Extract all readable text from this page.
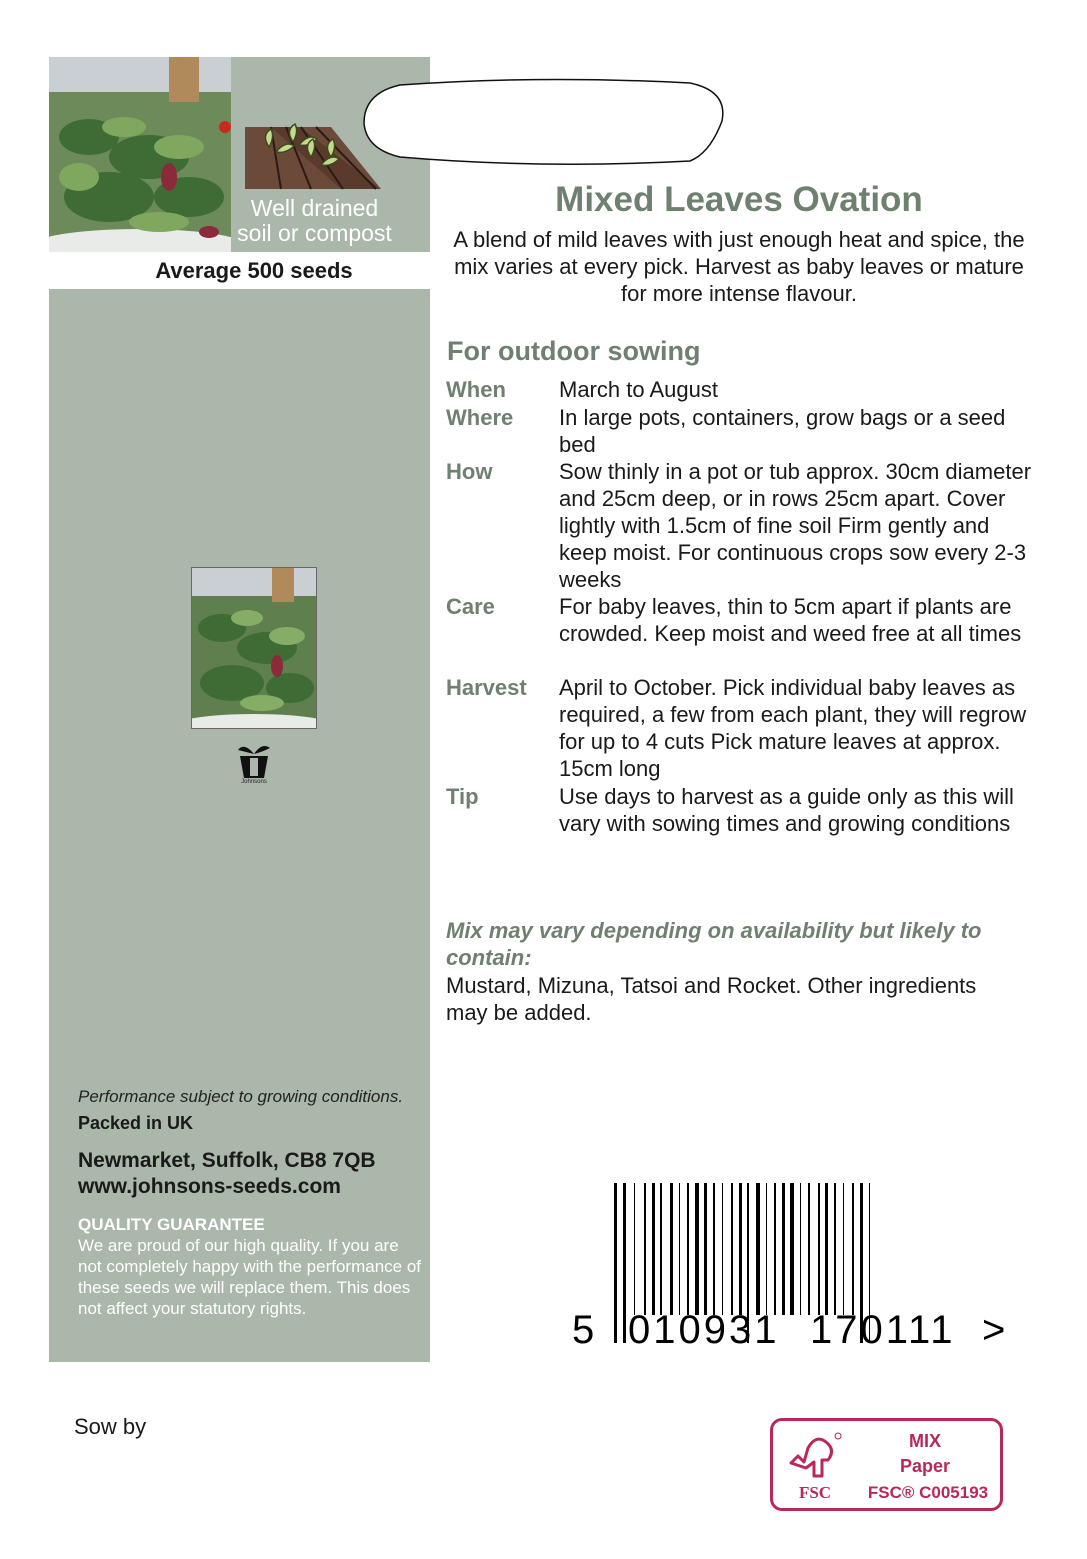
Well drained
soil or compost
Average 500 seeds
Johnsons
Performance subject to growing conditions.
Packed in UK
Newmarket, Suffolk, CB8 7QB
www.johnsons-seeds.com
QUALITY GUARANTEE
We are proud of our high quality. If you are not completely happy with the performance of these seeds we will replace them. This does not affect your statutory rights.
Mixed Leaves Ovation
A blend of mild leaves with just enough heat and spice, the mix varies at every pick. Harvest as baby leaves or mature for more intense flavour.
For outdoor sowing
When March to August
Where In large pots, containers, grow bags or a seed bed
How	Sow thinly in a pot or tub approx. 30cm diameter and 25cm deep, or in rows 25cm apart. Cover lightly with 1.5cm of fine soil Firm gently and keep moist. For continuous crops sow every 2-3 weeks
Care	For baby leaves, thin to 5cm apart if plants are crowded. Keep moist and weed free at all times
Harvest April to October. Pick individual baby leaves as required, a few from each plant, they will regrow for up to 4 cuts Pick mature leaves at approx. 15cm long
Tip	Use days to harvest as a guide only as this will vary with sowing times and growing conditions
Mix may vary depending on availability but likely to contain:
Mustard, Mizuna, Tatsoi and Rocket. Other ingredients may be added.
5 010931 170111 >
Sow by
FSC
MIX
Paper
FSC® C005193
